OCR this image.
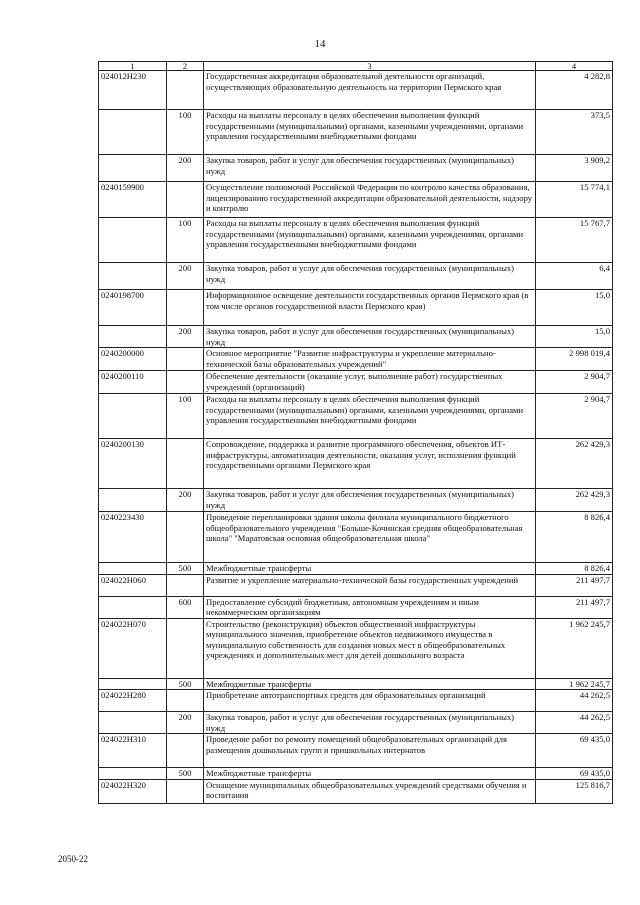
14
1	2	3	4
024012H230		Государственная аккредитация образовательной деятельности организаций, осуществляющих образовательную деятельность на территории Пермского края	4 282,8
	100	Расходы на выплаты персоналу в целях обеспечения выполнения функций государственными (муниципальными) органами, казенными учреждениями, органами управления государственными внебюджетными фондами	373,5
	200	Закупка товаров, работ и услуг для обеспечения государственных (муниципальных) нужд	3 909,2
0240159900		Осуществление полномочий Российской Федерации по контролю качества образования, лицензированию государственной аккредитации образовательной деятельности, надзору и контролю	15 774,1
	100	Расходы на выплаты персоналу в целях обеспечения выполнения функций государственными (муниципальными) органами, казенными учреждениями, органами управления государственными внебюджетными фондами	15 767,7
	200	Закупка товаров, работ и услуг для обеспечения государственных (муниципальных) нужд	6,4
0240198700		Информационное освещение деятельности государственных органов Пермского края (в том числе органов государственной власти Пермского края)	15,0
	200	Закупка товаров, работ и услуг для обеспечения государственных (муниципальных) нужд	15,0
0240200000		Основное мероприятие "Развитие инфраструктуры и укрепление материально-технической базы образовательных учреждений"	2 998 019,4
0240200110		Обеспечение деятельности (оказание услуг, выполнение работ) государственных учреждений (организаций)	2 904,7
	100	Расходы на выплаты персоналу в целях обеспечения выполнения функций государственными (муниципальными) органами, казенными учреждениями, органами управления государственными внебюджетными фондами	2 904,7
0240200130		Сопровождение, поддержка и развитие программного обеспечения, объектов ИТ-инфраструктуры, автоматизация деятельности, оказания услуг, исполнения функций государственными органами Пермского края	262 429,3
	200	Закупка товаров, работ и услуг для обеспечения государственных (муниципальных) нужд	262 429,3
024022З430		Проведение перепланировки здания школы филиала муниципального бюджетного общеобразовательного учреждения "Больше-Кочинская средняя общеобразовательная школа" "Маратовская основная общеобразовательная школа"	8 826,4
	500	Межбюджетные трансферты	8 826,4
024022Н060		Развитие и укрепление материально-технической базы государственных учреждений	211 497,7
	600	Предоставление субсидий бюджетным, автономным учреждениям и иным некоммерческим организациям	211 497,7
024022Н070		Строительство (реконструкция) объектов общественной инфраструктуры муниципального значения, приобретение объектов недвижимого имущества в муниципальную собственность для создания новых мест в общеобразовательных учреждениях и дополнительных мест для детей дошкольного возраста	1 962 245,7
	500	Межбюджетные трансферты	1 962 245,7
024022Н280		Приобретение автотранспортных средств для образовательных организаций	44 262,5
	200	Закупка товаров, работ и услуг для обеспечения государственных (муниципальных) нужд	44 262,5
024022Н310		Проведение работ по ремонту помещений общеобразовательных организаций для размещения дошкольных групп и пришкольных интернатов	69 435,0
	500	Межбюджетные трансферты	69 435,0
024022Н320		Оснащение муниципальных общеобразовательных учреждений средствами обучения и воспитания	125 816,7
2050-22
